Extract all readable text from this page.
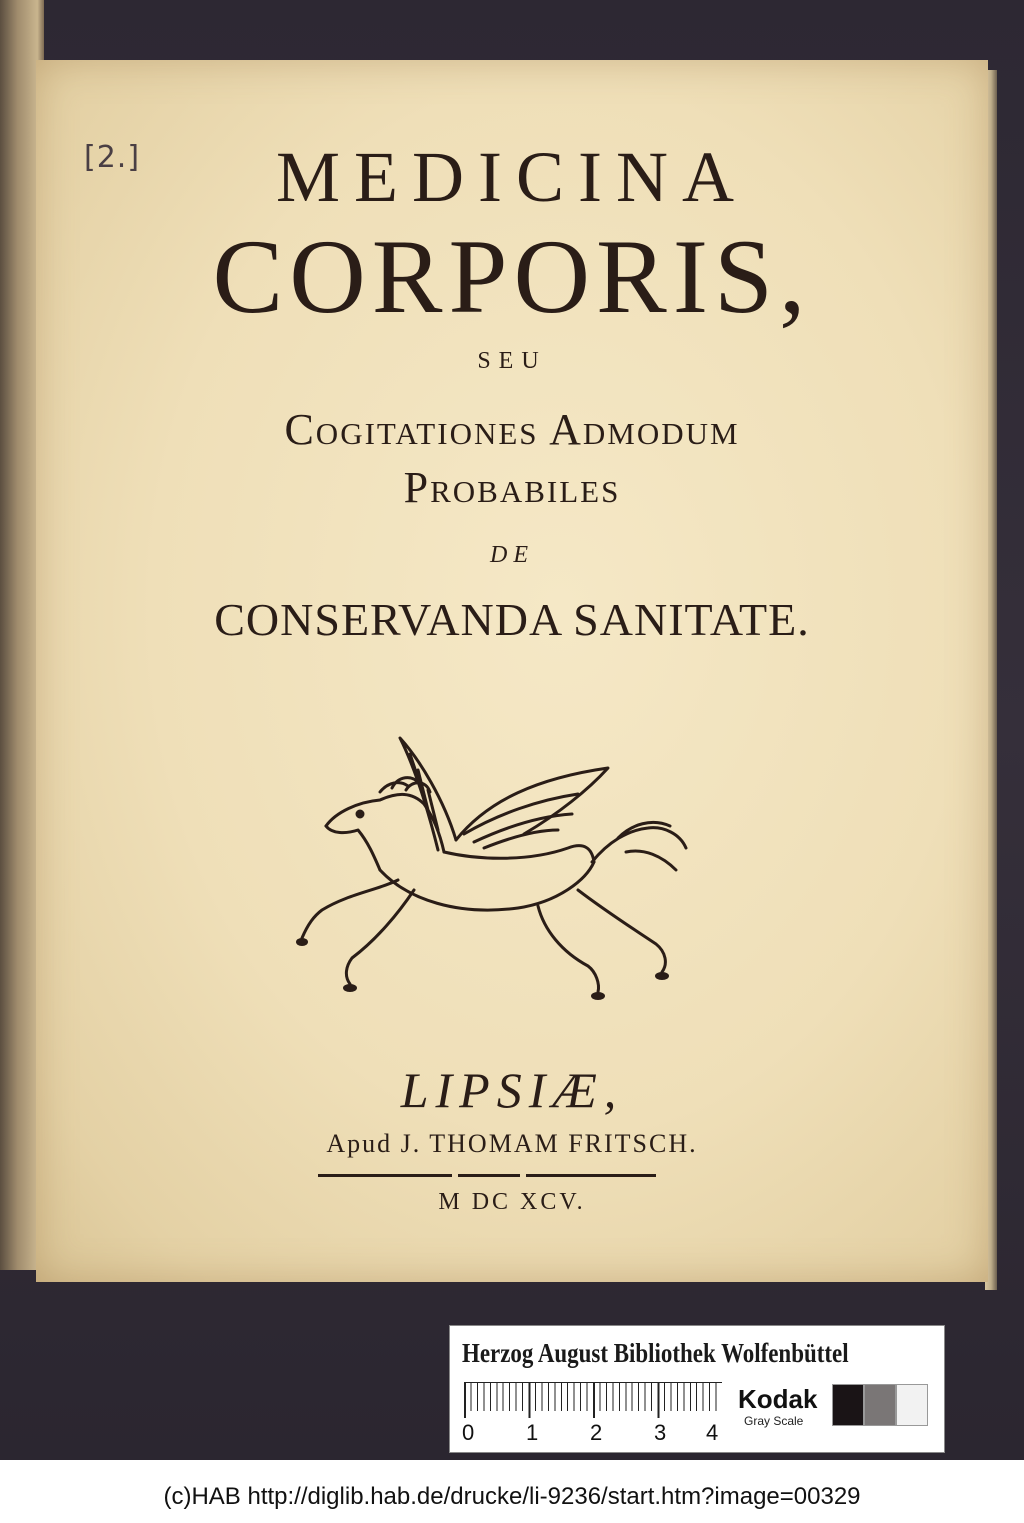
[2.]	MEDICINA
CORPORIS,
SEU
Cogitationes Admodum
Probabiles
DE
CONSERVANDA SANITATE.
LIPSIÆ,
Apud J. THOMAM FRITSCH.
M DC XCV.
Herzog August Bibliothek Wolfenbüttel
0 1 2 3 4
Kodak
Gray Scale
(c)HAB http://diglib.hab.de/drucke/li-9236/start.htm?image=00329
